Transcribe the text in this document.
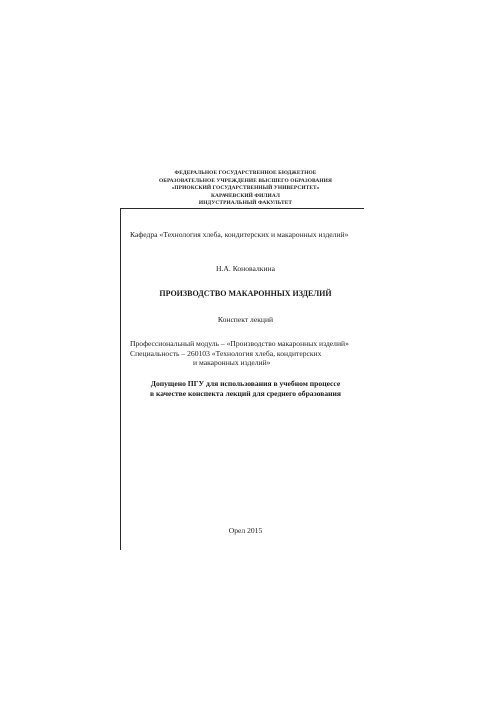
ФЕДЕРАЛЬНОЕ ГОСУДАРСТВЕННОЕ БЮДЖЕТНОЕ
ОБРАЗОВАТЕЛЬНОЕ УЧРЕЖДЕНИЕ ВЫСШЕГО ОБРАЗОВАНИЯ
«ПРИОКСКИЙ ГОСУДАРСТВЕННЫЙ УНИВЕРСИТЕТ»
КАРАЧЕВСКИЙ ФИЛИАЛ
ИНДУСТРИАЛЬНЫЙ ФАКУЛЬТЕТ
Кафедра «Технология хлеба, кондитерских и макаронных изделий»
Н.А. Коновалкина
ПРОИЗВОДСТВО МАКАРОННЫХ ИЗДЕЛИЙ
Конспект лекций
Профессиональный модуль – «Производство макаронных изделий»
Специальность – 260103 «Технология хлеба, кондитерских
и макаронных изделий»
Допущено ПГУ для использования в учебном процессе
в качестве конспекта лекций для среднего образования
Орел 2015
